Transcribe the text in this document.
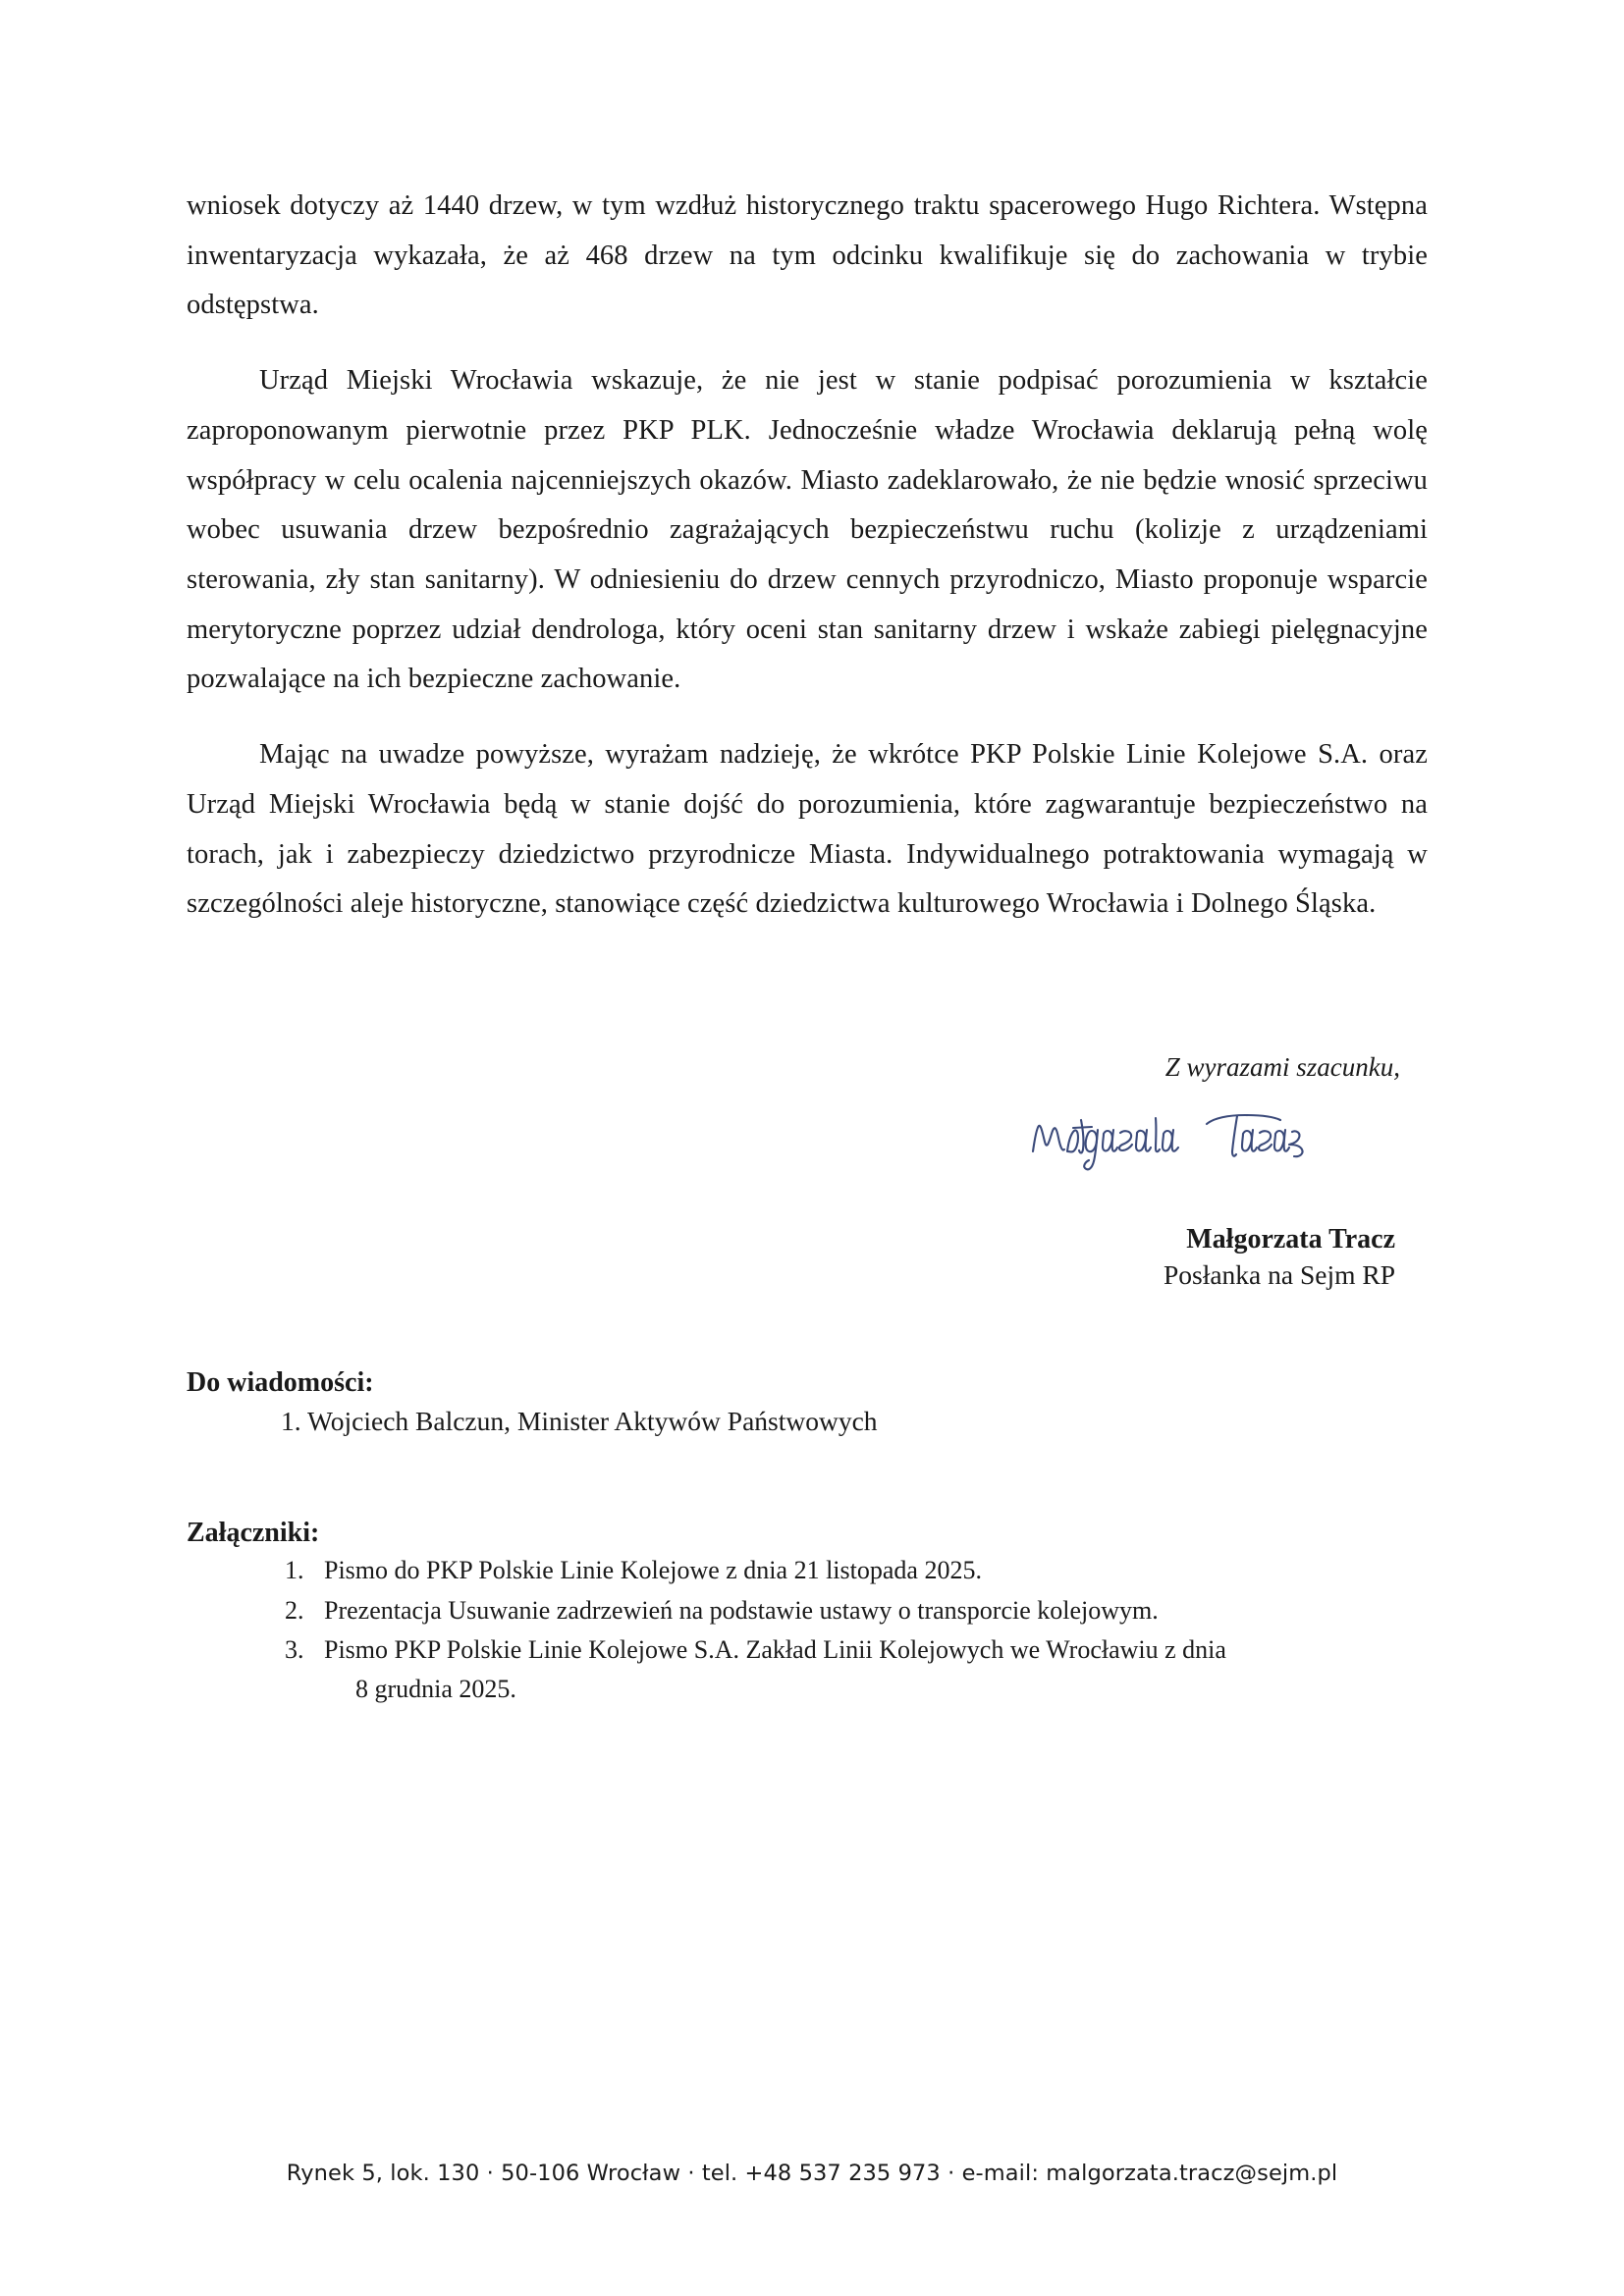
wniosek dotyczy aż 1440 drzew, w tym wzdłuż historycznego traktu spacerowego Hugo Richtera. Wstępna inwentaryzacja wykazała, że aż 468 drzew na tym odcinku kwalifikuje się do zachowania w trybie odstępstwa.

Urząd Miejski Wrocławia wskazuje, że nie jest w stanie podpisać porozumienia w kształcie zaproponowanym pierwotnie przez PKP PLK. Jednocześnie władze Wrocławia deklarują pełną wolę współpracy w celu ocalenia najcenniejszych okazów. Miasto zadeklarowało, że nie będzie wnosić sprzeciwu wobec usuwania drzew bezpośrednio zagrażających bezpieczeństwu ruchu (kolizje z urządzeniami sterowania, zły stan sanitarny). W odniesieniu do drzew cennych przyrodniczo, Miasto proponuje wsparcie merytoryczne poprzez udział dendrologa, który oceni stan sanitarny drzew i wskaże zabiegi pielęgnacyjne pozwalające na ich bezpieczne zachowanie.

Mając na uwadze powyższe, wyrażam nadzieję, że wkrótce PKP Polskie Linie Kolejowe S.A. oraz Urząd Miejski Wrocławia będą w stanie dojść do porozumienia, które zagwarantuje bezpieczeństwo na torach, jak i zabezpieczy dziedzictwo przyrodnicze Miasta. Indywidualnego potraktowania wymagają w szczególności aleje historyczne, stanowiące część dziedzictwa kulturowego Wrocławia i Dolnego Śląska.

Z wyrazami szacunku,

Małgorzata Tracz

Posłanka na Sejm RP

Do wiadomości:

1. Wojciech Balczun, Minister Aktywów Państwowych

Załączniki:

1. Pismo do PKP Polskie Linie Kolejowe z dnia 21 listopada 2025.
2. Prezentacja Usuwanie zadrzewień na podstawie ustawy o transporcie kolejowym.
3. Pismo PKP Polskie Linie Kolejowe S.A. Zakład Linii Kolejowych we Wrocławiu z dnia
8 grudnia 2025.
Rynek 5, lok. 130 · 50-106 Wrocław · tel. +48 537 235 973 · e-mail: malgorzata.tracz@sejm.pl
